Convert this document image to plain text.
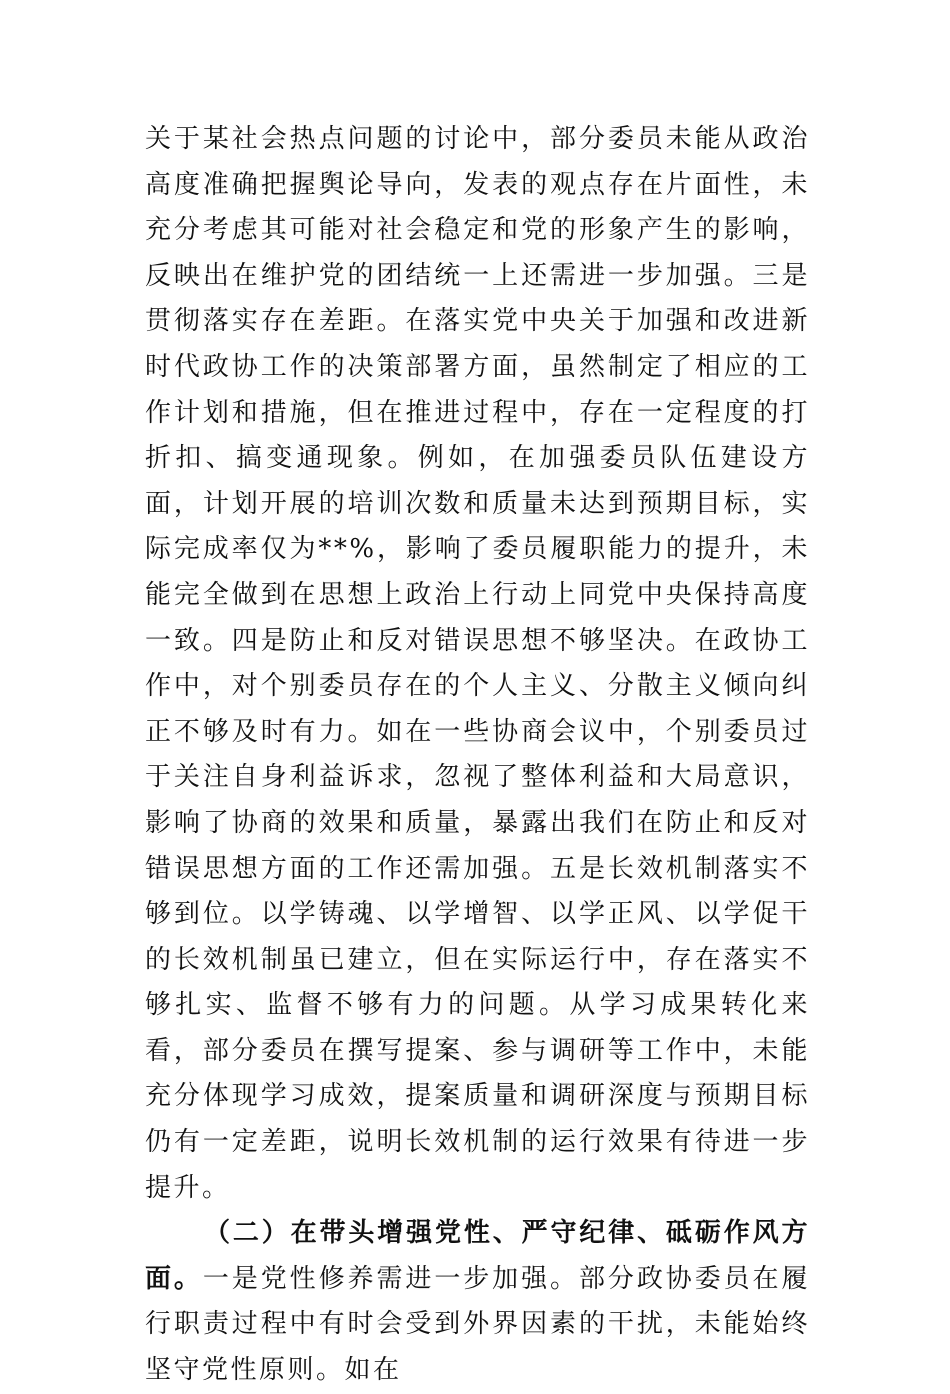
关于某社会热点问题的讨论中，部分委员未能从政治高度准确把握舆论导向，发表的观点存在片面性，未充分考虑其可能对社会稳定和党的形象产生的影响，反映出在维护党的团结统一上还需进一步加强。三是贯彻落实存在差距。在落实党中央关于加强和改进新时代政协工作的决策部署方面，虽然制定了相应的工作计划和措施，但在推进过程中，存在一定程度的打折扣、搞变通现象。例如，在加强委员队伍建设方面，计划开展的培训次数和质量未达到预期目标，实际完成率仅为**%，影响了委员履职能力的提升，未能完全做到在思想上政治上行动上同党中央保持高度一致。四是防止和反对错误思想不够坚决。在政协工作中，对个别委员存在的个人主义、分散主义倾向纠正不够及时有力。如在一些协商会议中，个别委员过于关注自身利益诉求，忽视了整体利益和大局意识，影响了协商的效果和质量，暴露出我们在防止和反对错误思想方面的工作还需加强。五是长效机制落实不够到位。以学铸魂、以学增智、以学正风、以学促干的长效机制虽已建立，但在实际运行中，存在落实不够扎实、监督不够有力的问题。从学习成果转化来看，部分委员在撰写提案、参与调研等工作中，未能充分体现学习成效，提案质量和调研深度与预期目标仍有一定差距，说明长效机制的运行效果有待进一步提升。

（二）在带头增强党性、严守纪律、砥砺作风方面。一是党性修养需进一步加强。部分政协委员在履行职责过程中有时会受到外界因素的干扰，未能始终坚守党性原则。如在
